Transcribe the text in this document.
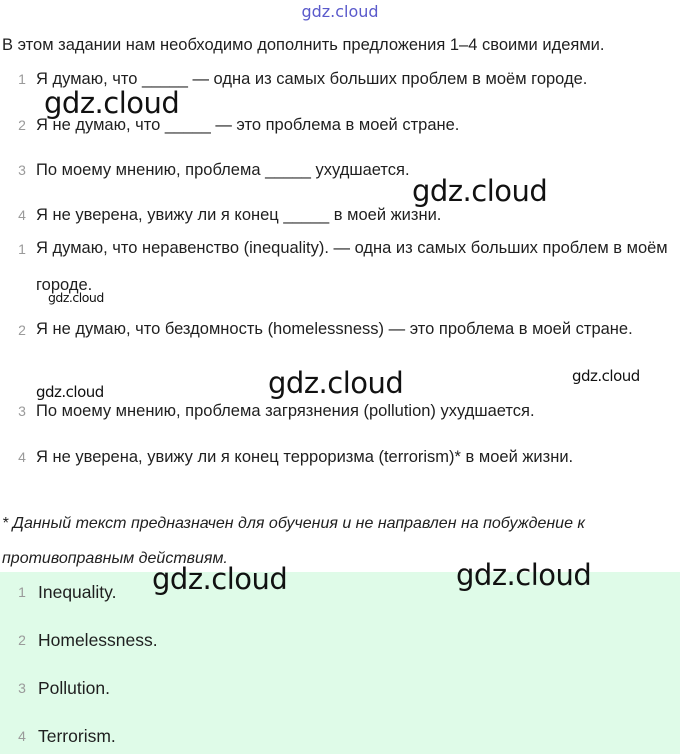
gdz.cloud
В этом задании нам необходимо дополнить предложения 1–4 своими идеями.
1 Я думаю, что _____ — одна из самых больших проблем в моём городе.
2 Я не думаю, что _____ — это проблема в моей стране.
3 По моему мнению, проблема _____ ухудшается.
4 Я не уверена, увижу ли я конец _____ в моей жизни.
1 Я думаю, что неравенство (inequality). — одна из самых больших проблем в моём городе.
2 Я не думаю, что бездомность (homelessness) — это проблема в моей стране.
3 По моему мнению, проблема загрязнения (pollution) ухудшается.
4 Я не уверена, увижу ли я конец терроризма (terrorism)* в моей жизни.
* Данный текст предназначен для обучения и не направлен на побуждение к противоправным действиям.
1 Inequality.
2 Homelessness.
3 Pollution.
4 Terrorism.
gdz.cloud
gdz.cloud
gdz.cloud
gdz.cloud
gdz.cloud
gdz.cloud
gdz.cloud	gdz.cloud
